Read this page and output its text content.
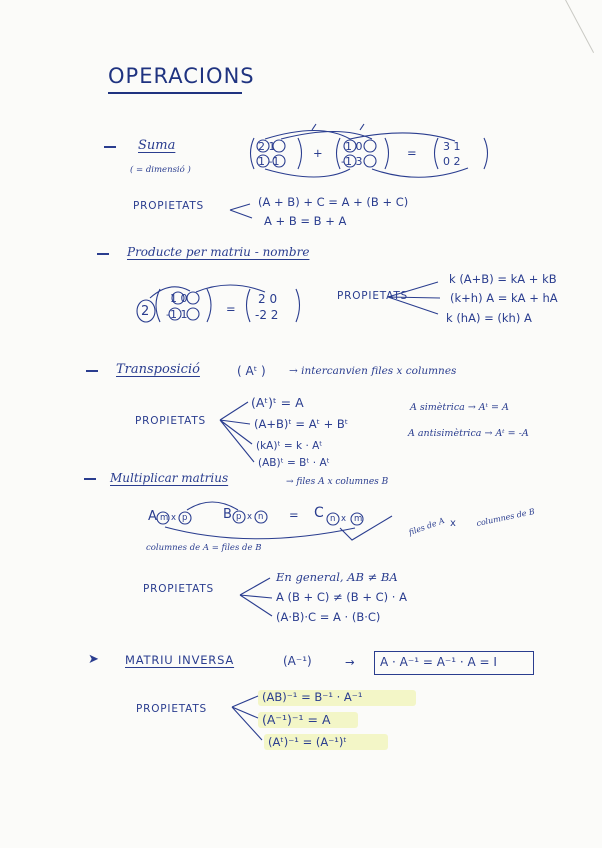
OPERACIONS
Suma
( = dimensió )
2 1
1 -1
+ 1 0
-1 3
= 3 1
0 2
PROPIETATS	(A + B) + C = A + (B + C)
A + B = B + A
Producte per matriu - nombre
2
1 0
-1 1	=
2 0
-2 2
PROPIETATS
k (A+B) = kA + kB
(k+h) A = kA + hA
k (hA) = (kh) A
Transposició	( Aᵗ ) → intercanvien files x columnes
PROPIETATS
(Aᵗ)ᵗ = A
(A+B)ᵗ = Aᵗ + Bᵗ
(kA)ᵗ = k · Aᵗ
(AB)ᵗ = Bᵗ · Aᵗ
A simètrica → Aᵗ = A
A antisimètrica → Aᵗ = -A
Multiplicar matrius	→ files A x columnes B
A m x p	B p x n = C n x m
columnes de A = files de B
files de A x columnes de B
PROPIETATS
En general, AB ≠ BA
A (B + C) ≠ (B + C) · A
(A·B)·C = A · (B·C)
➤ MATRIU INVERSA	(A⁻¹)	→ A · A⁻¹ = A⁻¹ · A = I
PROPIETATS
(AB)⁻¹ = B⁻¹ · A⁻¹
(A⁻¹)⁻¹ = A
(Aᵗ)⁻¹ = (A⁻¹)ᵗ
